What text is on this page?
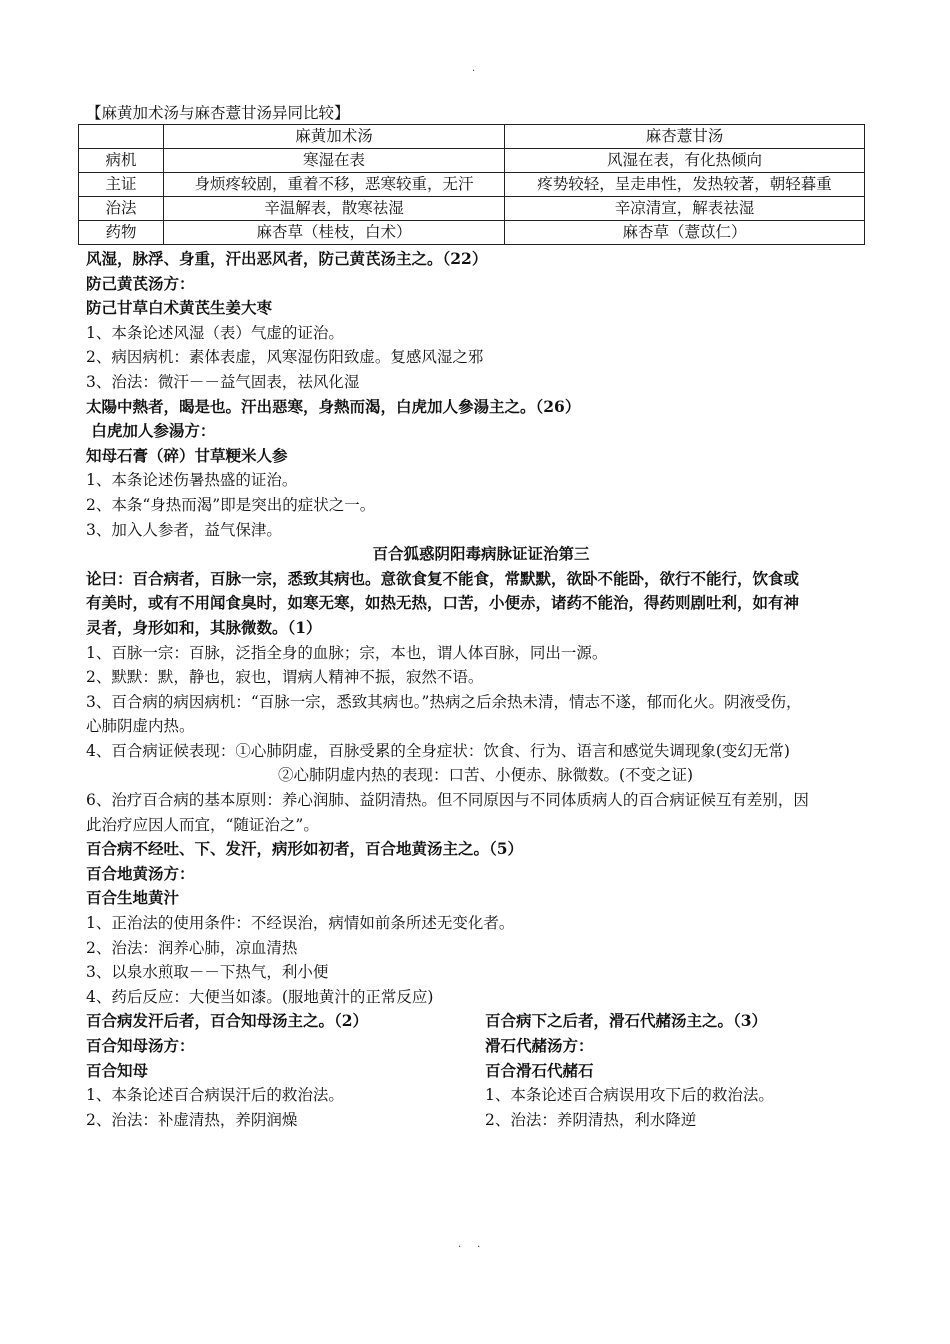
.
【麻黄加术汤与麻杏薏甘汤异同比较】
	麻黄加术汤	麻杏薏甘汤
病机	寒湿在表	风湿在表，有化热倾向
主证	身烦疼较剧，重着不移，恶寒较重，无汗	疼势较轻，呈走串性，发热较著，朝轻暮重
治法	辛温解表，散寒祛湿	辛凉清宣，解表祛湿
药物	麻杏草（桂枝，白术）	麻杏草（薏苡仁）
风湿，脉浮、身重，汗出恶风者，防己黄芪汤主之。（22）
防己黄芪汤方：
防己甘草白术黄芪生姜大枣
1、本条论述风湿（表）气虚的证治。
2、病因病机：素体表虚，风寒湿伤阳致虚。复感风湿之邪
3、治法：微汗－－益气固表，祛风化湿
太陽中熱者，暍是也。汗出惡寒，身熱而渴，白虎加人參湯主之。（26）
白虎加人参湯方：
知母石膏（碎）甘草粳米人参
1、本条论述伤暑热盛的证治。
2、本条“身热而渴”即是突出的症状之一。
3、加入人参者，益气保津。
百合狐惑阴阳毒病脉证证治第三
论曰：百合病者，百脉一宗，悉致其病也。意欲食复不能食，常默默，欲卧不能卧，欲行不能行，饮食或
有美时，或有不用闻食臭时，如寒无寒，如热无热，口苦，小便赤，诸药不能治，得药则剧吐利，如有神
灵者，身形如和，其脉微数。（1）
1、百脉一宗：百脉，泛指全身的血脉；宗，本也，谓人体百脉，同出一源。
2、默默：默，静也，寂也，谓病人精神不振，寂然不语。
3、百合病的病因病机：“百脉一宗，悉致其病也。”热病之后余热未清，情志不遂，郁而化火。阴液受伤，
心肺阴虚内热。
4、百合病证候表现：①心肺阴虚，百脉受累的全身症状：饮食、行为、语言和感觉失调现象(变幻无常)
②心肺阴虚内热的表现：口苦、小便赤、脉微数。(不变之证)
6、治疗百合病的基本原则：养心润肺、益阴清热。但不同原因与不同体质病人的百合病证候互有差别，因
此治疗应因人而宜，“随证治之”。
百合病不经吐、下、发汗，病形如初者，百合地黄汤主之。（5）
百合地黄汤方：
百合生地黄汁
1、正治法的使用条件：不经误治，病情如前条所述无变化者。
2、治法：润养心肺，凉血清热
3、以泉水煎取－－下热气，利小便
4、药后反应：大便当如漆。(服地黄汁的正常反应)
百合病发汗后者，百合知母汤主之。（2）
百合知母汤方：
百合知母
1、本条论述百合病误汗后的救治法。
2、治法：补虚清热，养阴润燥
百合病下之后者，滑石代赭汤主之。（3）
滑石代赭汤方：
百合滑石代赭石
1、本条论述百合病误用攻下后的救治法。
2、治法：养阴清热，利水降逆
.     .
